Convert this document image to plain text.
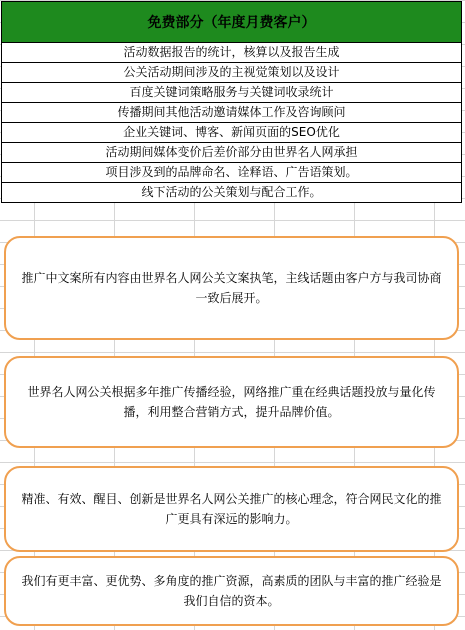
免费部分（年度月费客户）
活动数据报告的统计，核算以及报告生成
公关活动期间涉及的主视觉策划以及设计
百度关键词策略服务与关键词收录统计
传播期间其他活动邀请媒体工作及咨询顾问
企业关键词、博客、新闻页面的SEO优化
活动期间媒体变价后差价部分由世界名人网承担
项目涉及到的品牌命名、诠释语、广告语策划。
线下活动的公关策划与配合工作。

推广中文案所有内容由世界名人网公关文案执笔，主线话题由客户方与我司协商一致后展开。

世界名人网公关根据多年推广传播经验，网络推广重在经典话题投放与量化传播，利用整合营销方式，提升品牌价值。

精准、有效、醒目、创新是世界名人网公关推广的核心理念，符合网民文化的推广更具有深远的影响力。

我们有更丰富、更优势、多角度的推广资源，高素质的团队与丰富的推广经验是我们自信的资本。
